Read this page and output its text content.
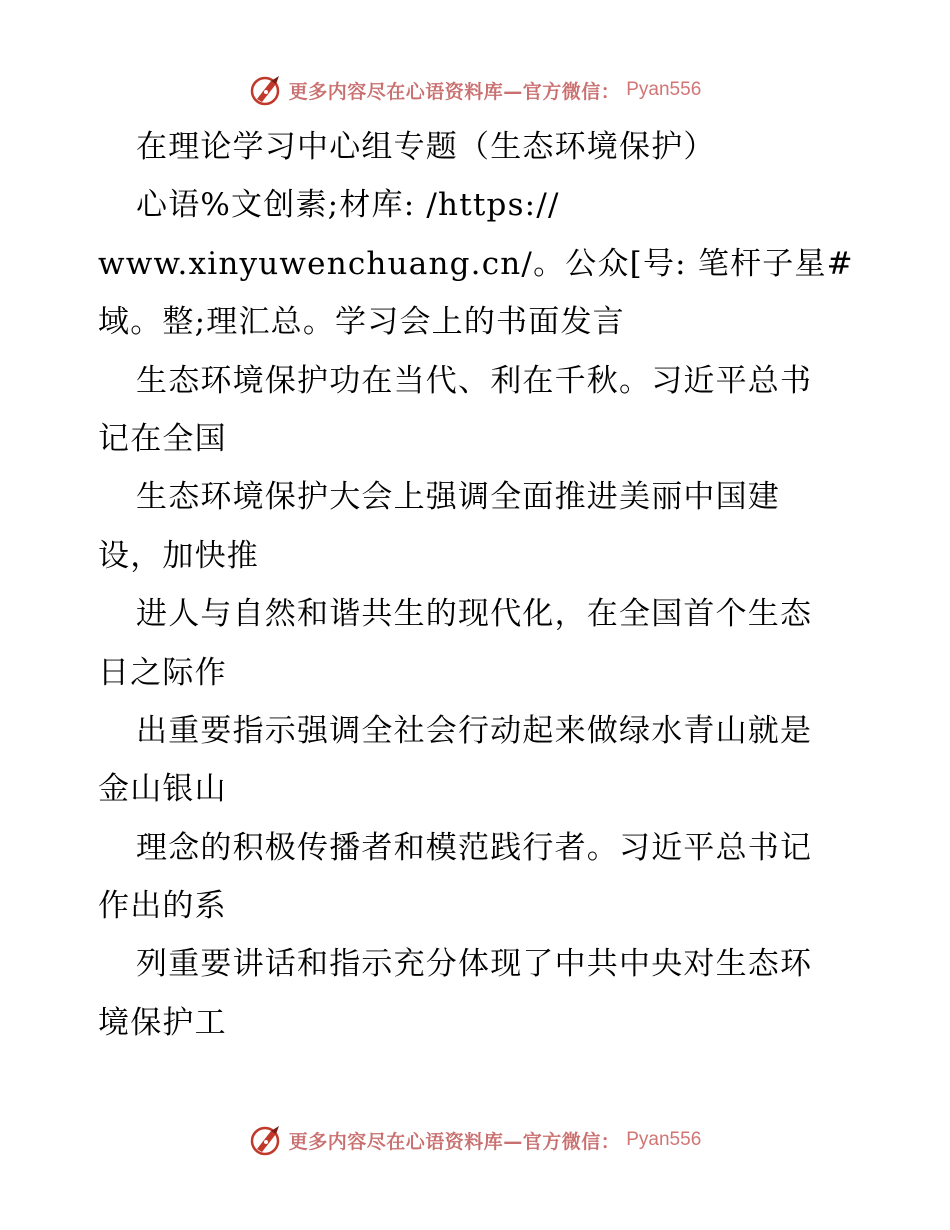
更多内容尽在心语资料库—官方微信： Pyan556
在理论学习中心组专题（生态环境保护）
心语%文创素;材库: /https://
www.xinyuwenchuang.cn/。公众[号: 笔杆子星#
域。整;理汇总。学习会上的书面发言
生态环境保护功在当代、利在千秋。习近平总书
记在全国
生态环境保护大会上强调全面推进美丽中国建
设，加快推
进人与自然和谐共生的现代化，在全国首个生态
日之际作
出重要指示强调全社会行动起来做绿水青山就是
金山银山
理念的积极传播者和模范践行者。习近平总书记
作出的系
列重要讲话和指示充分体现了中共中央对生态环
境保护工
更多内容尽在心语资料库—官方微信： Pyan556
